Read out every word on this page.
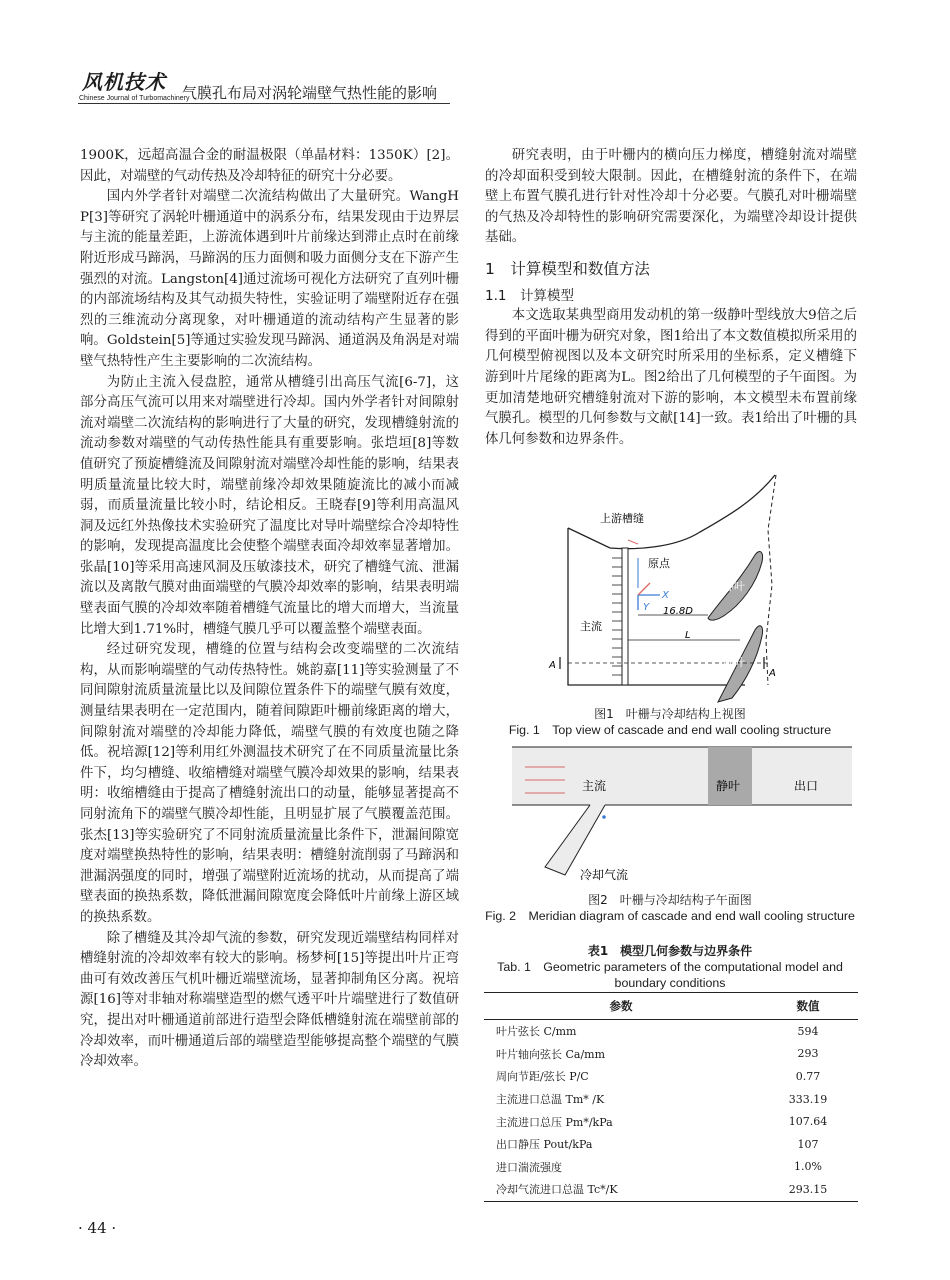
风机技术
Chinese Journal of Turbomachinery
气膜孔布局对涡轮端壁气热性能的影响

1900K，远超高温合金的耐温极限（单晶材料：1350K）[2]。因此，对端壁的气动传热及冷却特征的研究十分必要。

国内外学者针对端壁二次流结构做出了大量研究。WangH P[3]等研究了涡轮叶栅通道中的涡系分布，结果发现由于边界层与主流的能量差距，上游流体遇到叶片前缘达到滞止点时在前缘附近形成马蹄涡，马蹄涡的压力面侧和吸力面侧分支在下游产生强烈的对流。Langston[4]通过流场可视化方法研究了直列叶栅的内部流场结构及其气动损失特性，实验证明了端壁附近存在强烈的三维流动分离现象，对叶栅通道的流动结构产生显著的影响。Goldstein[5]等通过实验发现马蹄涡、通道涡及角涡是对端壁气热特性产生主要影响的二次流结构。

为防止主流入侵盘腔，通常从槽缝引出高压气流[6-7]，这部分高压气流可以用来对端壁进行冷却。国内外学者针对间隙射流对端壁二次流结构的影响进行了大量的研究，发现槽缝射流的流动参数对端壁的气动传热性能具有重要影响。张垲垣[8]等数值研究了预旋槽缝流及间隙射流对端壁冷却性能的影响，结果表明质量流量比较大时，端壁前缘冷却效果随旋流比的减小而减弱，而质量流量比较小时，结论相反。王晓春[9]等利用高温风洞及远红外热像技术实验研究了温度比对导叶端壁综合冷却特性的影响，发现提高温度比会使整个端壁表面冷却效率显著增加。张晶[10]等采用高速风洞及压敏漆技术，研究了槽缝气流、泄漏流以及离散气膜对曲面端壁的气膜冷却效率的影响，结果表明端壁表面气膜的冷却效率随着槽缝气流量比的增大而增大，当流量比增大到1.71%时，槽缝气膜几乎可以覆盖整个端壁表面。

经过研究发现，槽缝的位置与结构会改变端壁的二次流结构，从而影响端壁的气动传热特性。姚韵嘉[11]等实验测量了不同间隙射流质量流量比以及间隙位置条件下的端壁气膜有效度，测量结果表明在一定范围内，随着间隙距叶栅前缘距离的增大，间隙射流对端壁的冷却能力降低，端壁气膜的有效度也随之降低。祝培源[12]等利用红外测温技术研究了在不同质量流量比条件下，均匀槽缝、收缩槽缝对端壁气膜冷却效果的影响，结果表明：收缩槽缝由于提高了槽缝射流出口的动量，能够显著提高不同射流角下的端壁气膜冷却性能，且明显扩展了气膜覆盖范围。张杰[13]等实验研究了不同射流质量流量比条件下，泄漏间隙宽度对端壁换热特性的影响，结果表明：槽缝射流削弱了马蹄涡和泄漏涡强度的同时，增强了端壁附近流场的扰动，从而提高了端壁表面的换热系数，降低泄漏间隙宽度会降低叶片前缘上游区域的换热系数。

除了槽缝及其冷却气流的参数，研究发现近端壁结构同样对槽缝射流的冷却效率有较大的影响。杨梦柯[15]等提出叶片正弯曲可有效改善压气机叶栅近端壁流场，显著抑制角区分离。祝培源[16]等对非轴对称端壁造型的燃气透平叶片端壁进行了数值研究，提出对叶栅通道前部进行造型会降低槽缝射流在端壁前部的冷却效率，而叶栅通道后部的端壁造型能够提高整个端壁的气膜冷却效率。

研究表明，由于叶栅内的横向压力梯度，槽缝射流对端壁的冷却面积受到较大限制。因此，在槽缝射流的条件下，在端壁上布置气膜孔进行针对性冷却十分必要。气膜孔对叶栅端壁的气热及冷却特性的影响研究需要深化，为端壁冷却设计提供基础。

1　计算模型和数值方法
1.1　计算模型

本文选取某典型商用发动机的第一级静叶型线放大9倍之后得到的平面叶栅为研究对象，图1给出了本文数值模拟所采用的几何模型俯视图以及本文研究时所采用的坐标系，定义槽缝下游到叶片尾缘的距离为L。图2给出了几何模型的子午面图。为更加清楚地研究槽缝射流对下游的影响，本文模型未布置前缘气膜孔。模型的几何参数与文献[14]一致。表1给出了叶栅的具体几何参数和边界条件。

上游槽缝
原点
X
Y 16.8D
L
主流
静叶
静叶
A
A
图1　叶栅与冷却结构上视图
Fig. 1　Top view of cascade and end wall cooling structure
主流	静叶	出口
冷却气流
图2　叶栅与冷却结构子午面图
Fig. 2　Meridian diagram of cascade and end wall cooling structure
表1　模型几何参数与边界条件
Tab. 1　Geometric parameters of the computational model and boundary conditions
参数	数值
叶片弦长 C/mm	594
叶片轴向弦长 Ca/mm	293
周向节距/弦长 P/C	0.77
主流进口总温 Tm* /K	333.19
主流进口总压 Pm*/kPa	107.64
出口静压 Pout/kPa	107
进口湍流强度	1.0%
冷却气流进口总温 Tc*/K	293.15
· 44 ·
